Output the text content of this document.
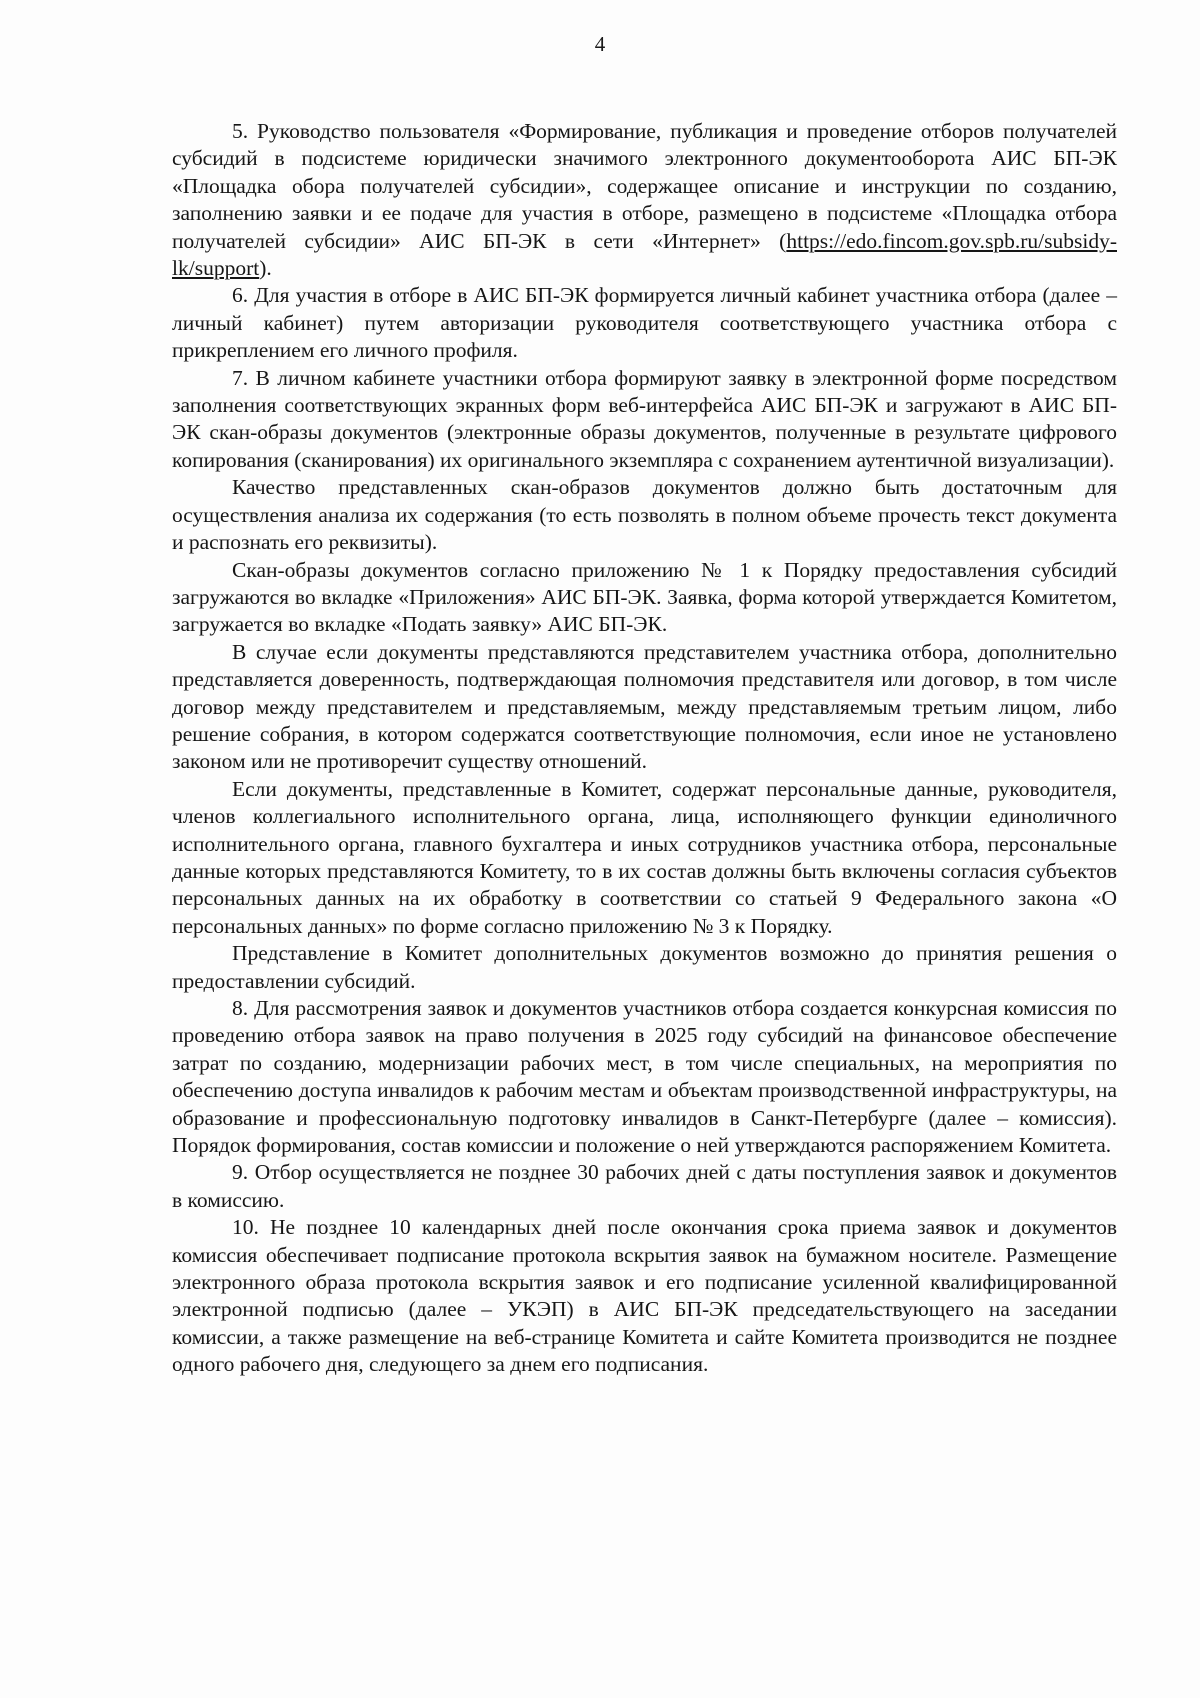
4

5. Руководство пользователя «Формирование, публикация и проведение отборов получателей субсидий в подсистеме юридически значимого электронного документооборота АИС БП-ЭК «Площадка обора получателей субсидии», содержащее описание и инструкции по созданию, заполнению заявки и ее подаче для участия в отборе, размещено в подсистеме «Площадка отбора получателей субсидии» АИС БП-ЭК в сети «Интернет» (https://edo.fincom.gov.spb.ru/subsidy-lk/support).

6. Для участия в отборе в АИС БП-ЭК формируется личный кабинет участника отбора (далее – личный кабинет) путем авторизации руководителя соответствующего участника отбора с прикреплением его личного профиля.

7. В личном кабинете участники отбора формируют заявку в электронной форме посредством заполнения соответствующих экранных форм веб-интерфейса АИС БП-ЭК и загружают в АИС БП-ЭК скан-образы документов (электронные образы документов, полученные в результате цифрового копирования (сканирования) их оригинального экземпляра с сохранением аутентичной визуализации).

Качество представленных скан-образов документов должно быть достаточным для осуществления анализа их содержания (то есть позволять в полном объеме прочесть текст документа и распознать его реквизиты).

Скан-образы документов согласно приложению № 1 к Порядку предоставления субсидий загружаются во вкладке «Приложения» АИС БП-ЭК. Заявка, форма которой утверждается Комитетом, загружается во вкладке «Подать заявку» АИС БП-ЭК.

В случае если документы представляются представителем участника отбора, дополнительно представляется доверенность, подтверждающая полномочия представителя или договор, в том числе договор между представителем и представляемым, между представляемым третьим лицом, либо решение собрания, в котором содержатся соответствующие полномочия, если иное не установлено законом или не противоречит существу отношений.

Если документы, представленные в Комитет, содержат персональные данные, руководителя, членов коллегиального исполнительного органа, лица, исполняющего функции единоличного исполнительного органа, главного бухгалтера и иных сотрудников участника отбора, персональные данные которых представляются Комитету, то в их состав должны быть включены согласия субъектов персональных данных на их обработку в соответствии со статьей 9 Федерального закона «О персональных данных» по форме согласно приложению № 3 к Порядку.

Представление в Комитет дополнительных документов возможно до принятия решения о предоставлении субсидий.

8. Для рассмотрения заявок и документов участников отбора создается конкурсная комиссия по проведению отбора заявок на право получения в 2025 году субсидий на финансовое обеспечение затрат по созданию, модернизации рабочих мест, в том числе специальных, на мероприятия по обеспечению доступа инвалидов к рабочим местам и объектам производственной инфраструктуры, на образование и профессиональную подготовку инвалидов в Санкт-Петербурге (далее – комиссия). Порядок формирования, состав комиссии и положение о ней утверждаются распоряжением Комитета.

9. Отбор осуществляется не позднее 30 рабочих дней с даты поступления заявок и документов в комиссию.

10. Не позднее 10 календарных дней после окончания срока приема заявок и документов комиссия обеспечивает подписание протокола вскрытия заявок на бумажном носителе. Размещение электронного образа протокола вскрытия заявок и его подписание усиленной квалифицированной электронной подписью (далее – УКЭП) в АИС БП-ЭК председательствующего на заседании комиссии, а также размещение на веб-странице Комитета и сайте Комитета производится не позднее одного рабочего дня, следующего за днем его подписания.
